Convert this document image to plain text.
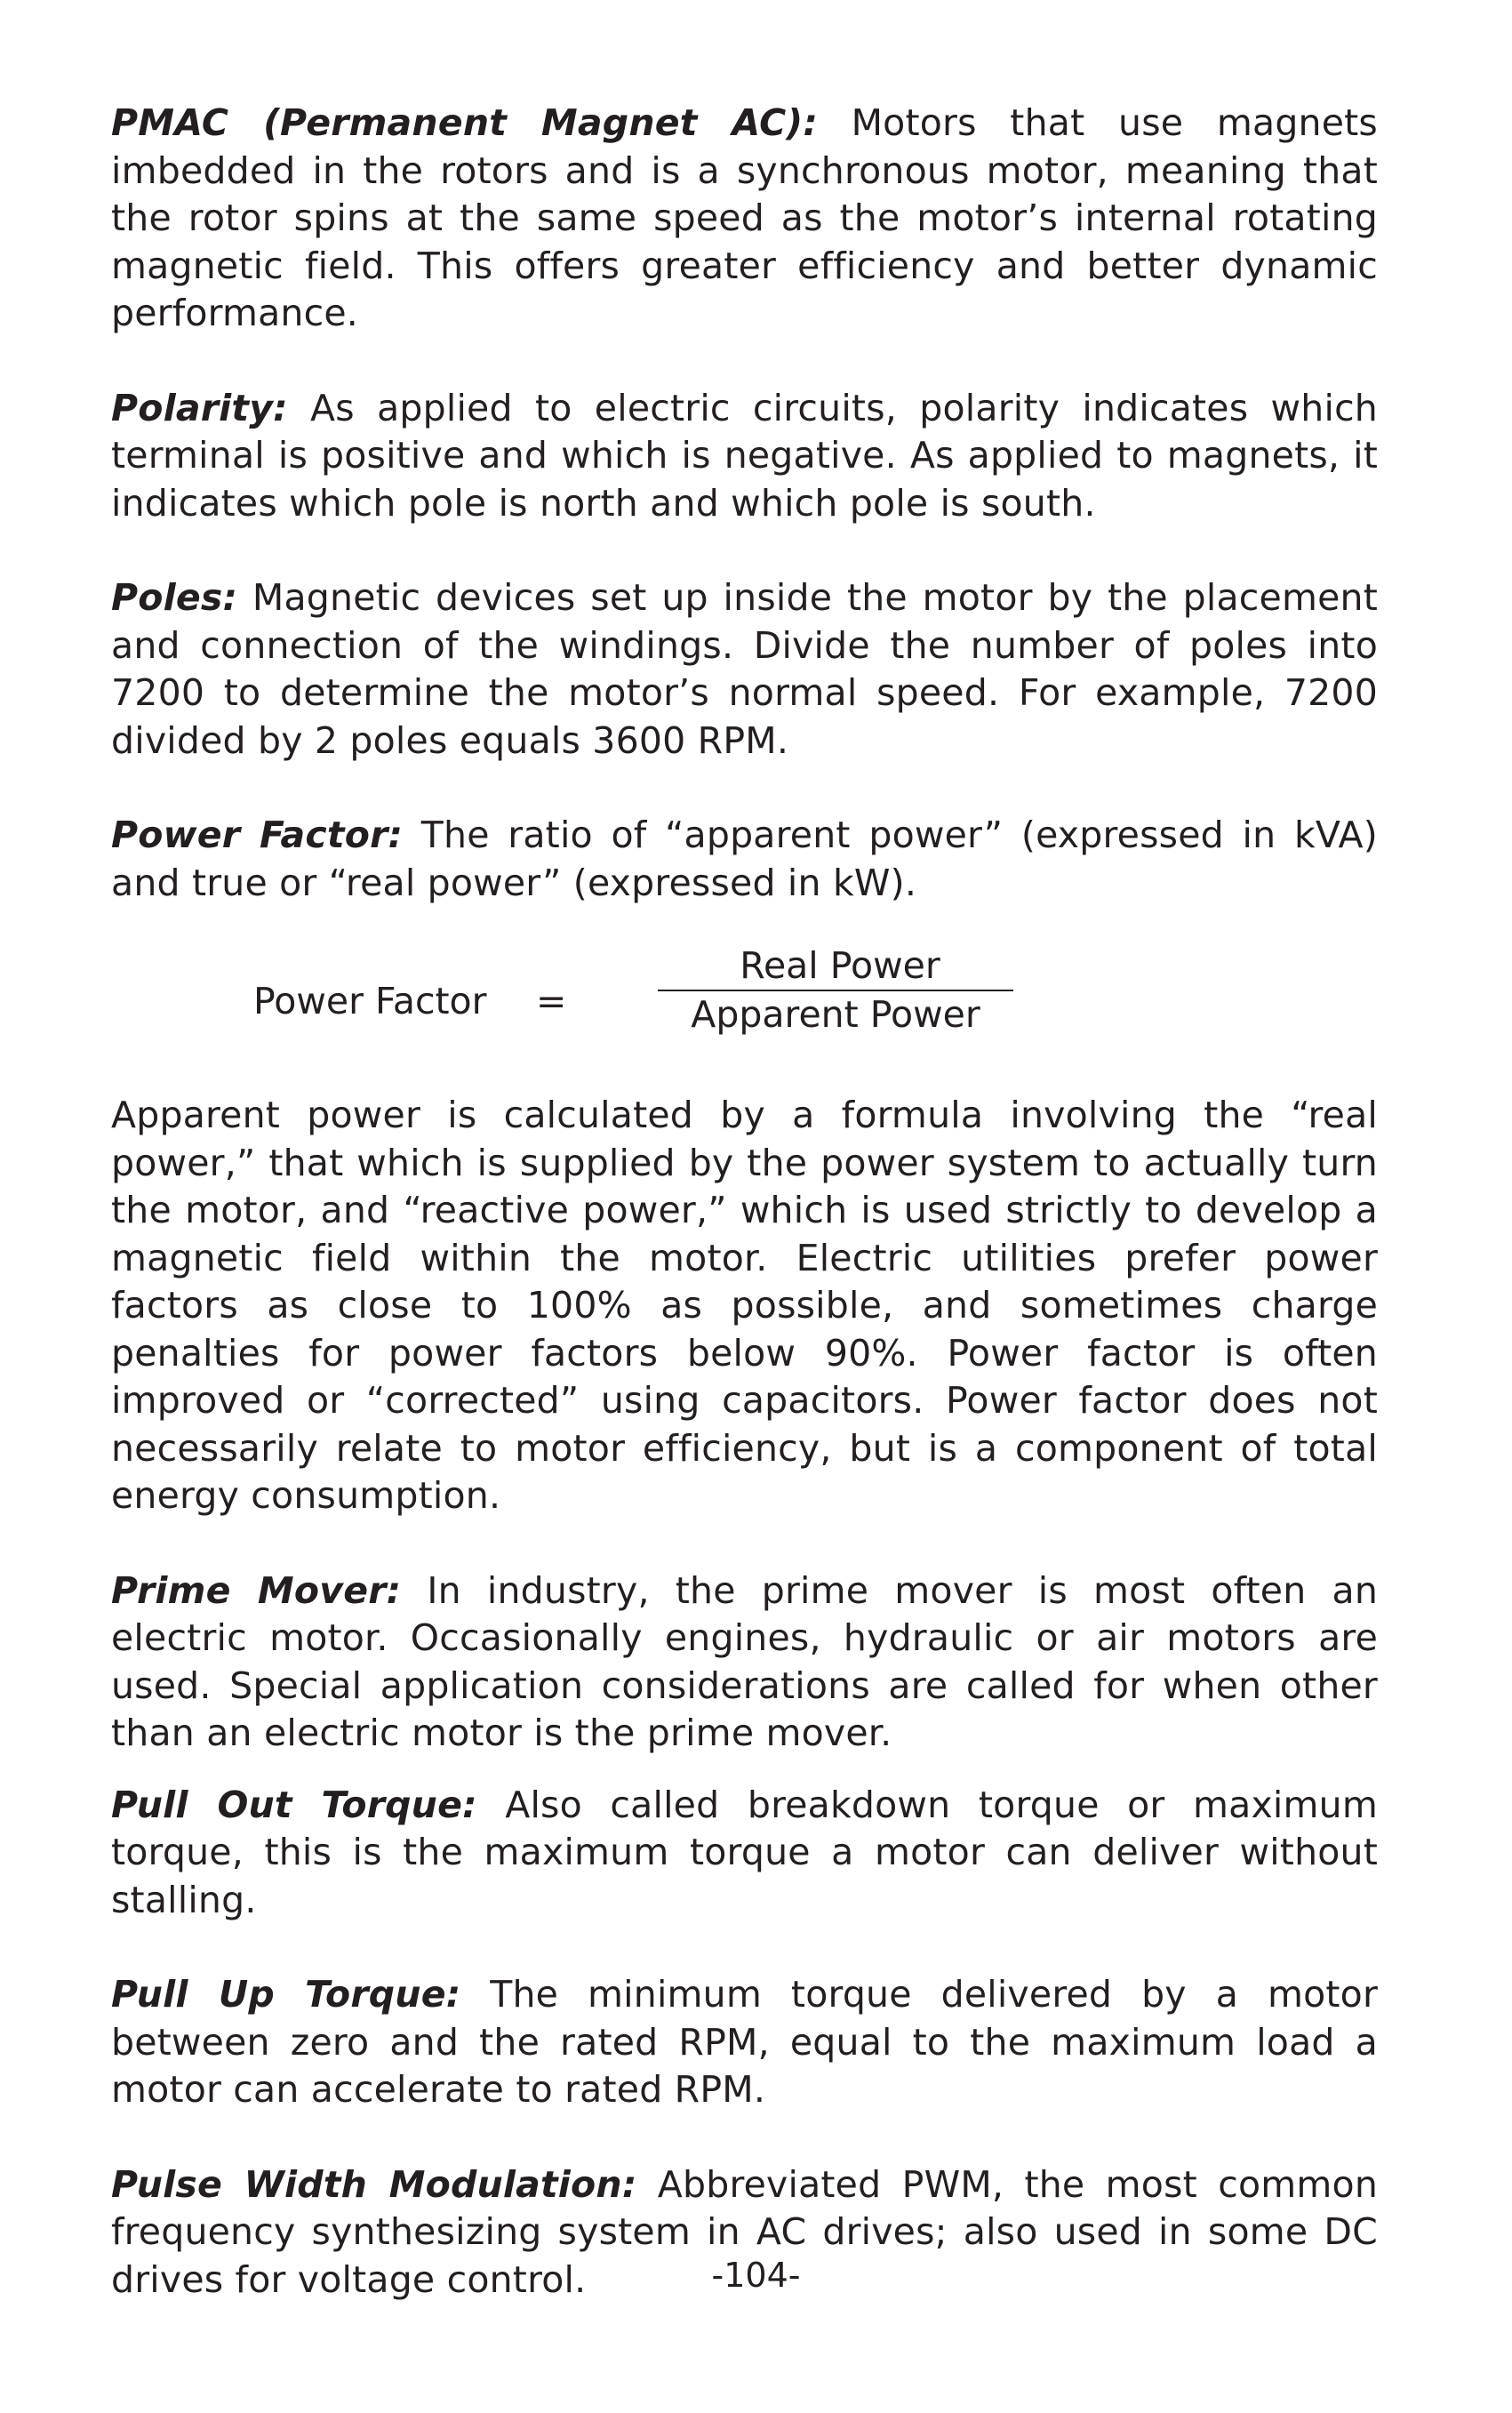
PMAC (Permanent Magnet AC): Motors that use magnets imbedded in the rotors and is a synchronous motor, meaning that the rotor spins at the same speed as the motor’s internal rotating magnetic field. This offers greater efficiency and better dynamic performance.

Polarity: As applied to electric circuits, polarity indicates which terminal is positive and which is negative. As applied to magnets, it indicates which pole is north and which pole is south.

Poles: Magnetic devices set up inside the motor by the placement and connection of the windings. Divide the number of poles into 7200 to determine the motor’s normal speed. For example, 7200 divided by 2 poles equals 3600 RPM.

Power Factor: The ratio of “apparent power” (expressed in kVA) and true or “real power” (expressed in kW).

Power Factor =
Real Power
Apparent Power

Apparent power is calculated by a formula involving the “real power,” that which is supplied by the power system to actually turn the motor, and “reactive power,” which is used strictly to develop a magnetic field within the motor. Electric utilities prefer power factors as close to 100% as possible, and sometimes charge penalties for power factors below 90%. Power factor is often improved or “corrected” using capacitors. Power factor does not necessarily relate to motor efficiency, but is a component of total energy consumption.

Prime Mover: In industry, the prime mover is most often an electric motor. Occasionally engines, hydraulic or air motors are used. Special application considerations are called for when other than an electric motor is the prime mover.

Pull Out Torque: Also called breakdown torque or maximum torque, this is the maximum torque a motor can deliver without stalling.

Pull Up Torque: The minimum torque delivered by a motor between zero and the rated RPM, equal to the maximum load a motor can accelerate to rated RPM.

Pulse Width Modulation: Abbreviated PWM, the most common frequency synthesizing system in AC drives; also used in some DC drives for voltage control.	-104-
